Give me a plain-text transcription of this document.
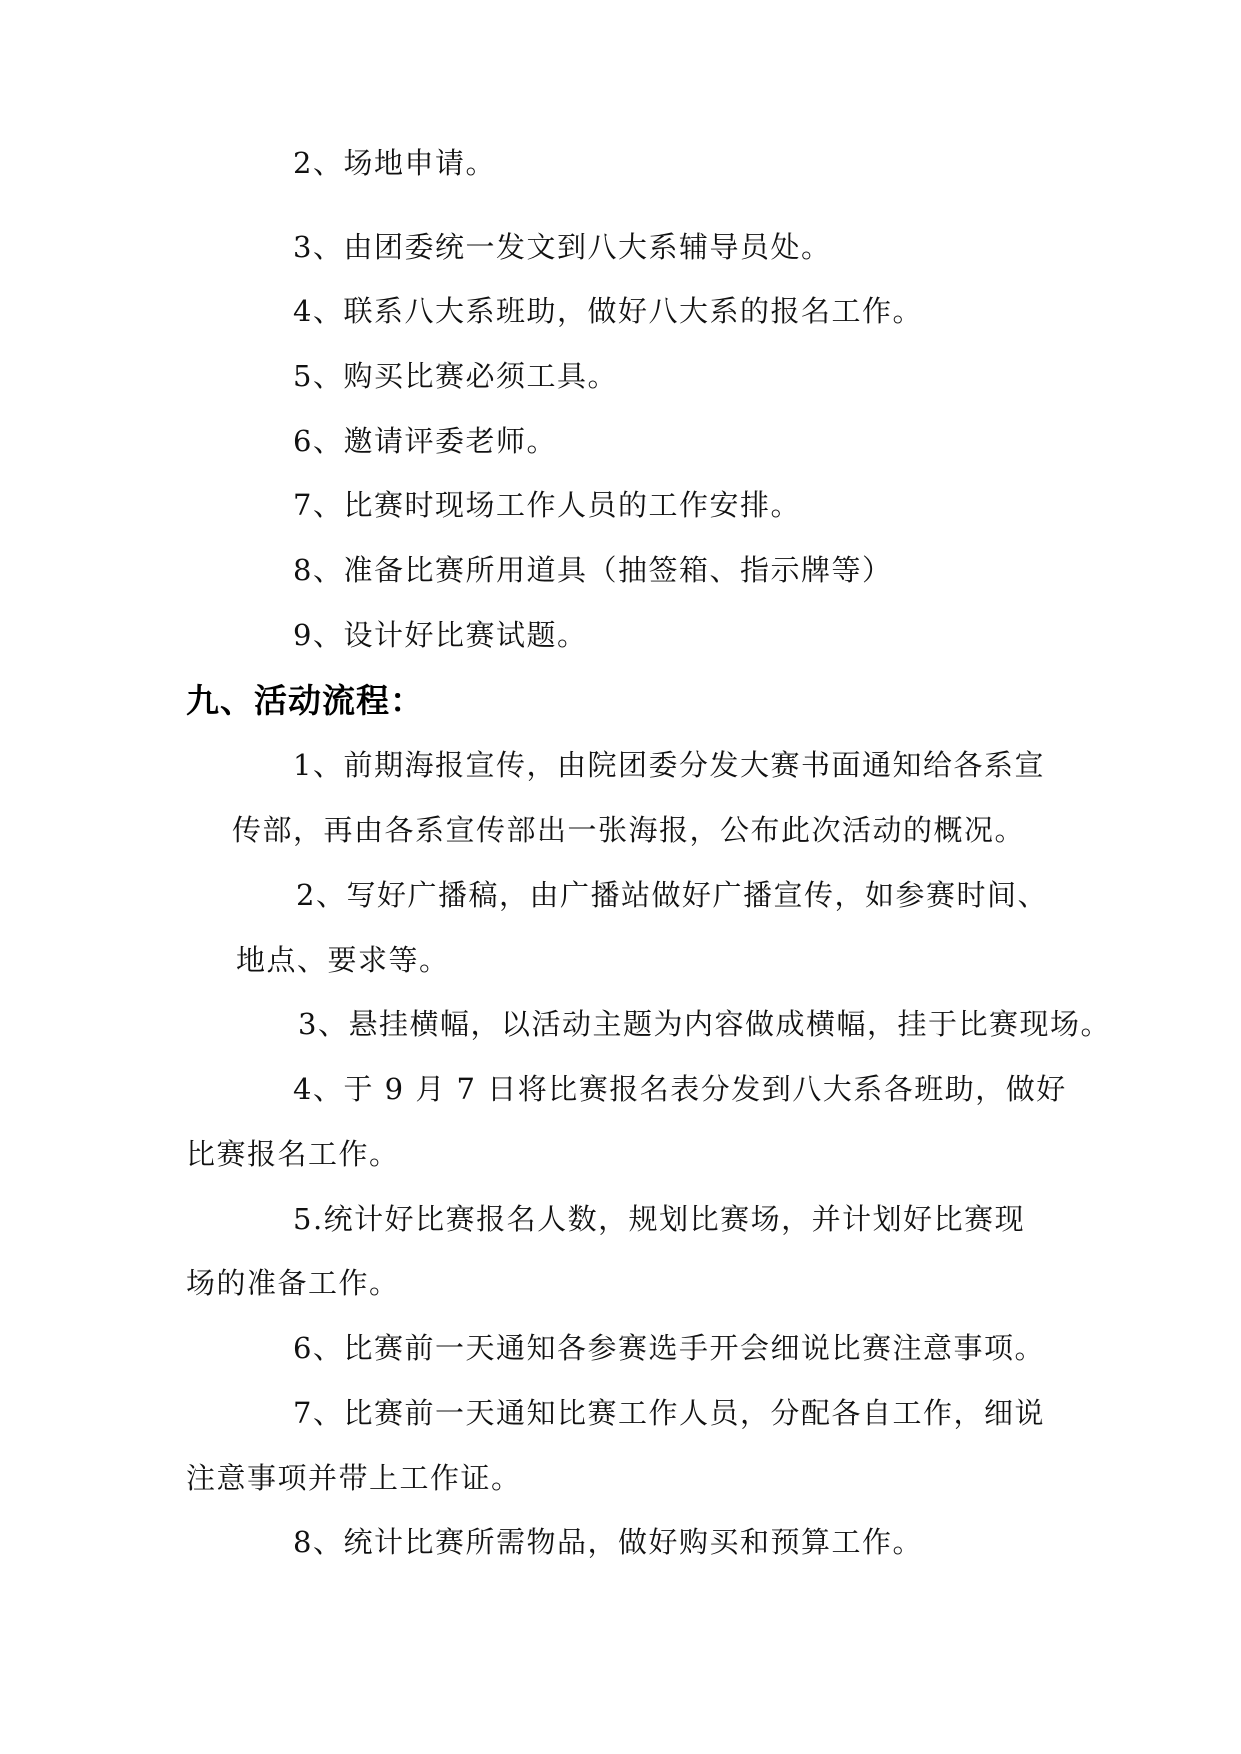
2、场地申请。
3、由团委统一发文到八大系辅导员处。
4、联系八大系班助，做好八大系的报名工作。
5、购买比赛必须工具。
6、邀请评委老师。
7、比赛时现场工作人员的工作安排。
8、准备比赛所用道具（抽签箱、指示牌等）
9、设计好比赛试题。
九、活动流程：
1、前期海报宣传，由院团委分发大赛书面通知给各系宣
传部，再由各系宣传部出一张海报，公布此次活动的概况。
2、写好广播稿，由广播站做好广播宣传，如参赛时间、
地点、要求等。
3、悬挂横幅，以活动主题为内容做成横幅，挂于比赛现场。
4、于 9 月 7 日将比赛报名表分发到八大系各班助，做好
比赛报名工作。
5.统计好比赛报名人数，规划比赛场，并计划好比赛现
场的准备工作。
6、比赛前一天通知各参赛选手开会细说比赛注意事项。
7、比赛前一天通知比赛工作人员，分配各自工作，细说
注意事项并带上工作证。
8、统计比赛所需物品，做好购买和预算工作。
